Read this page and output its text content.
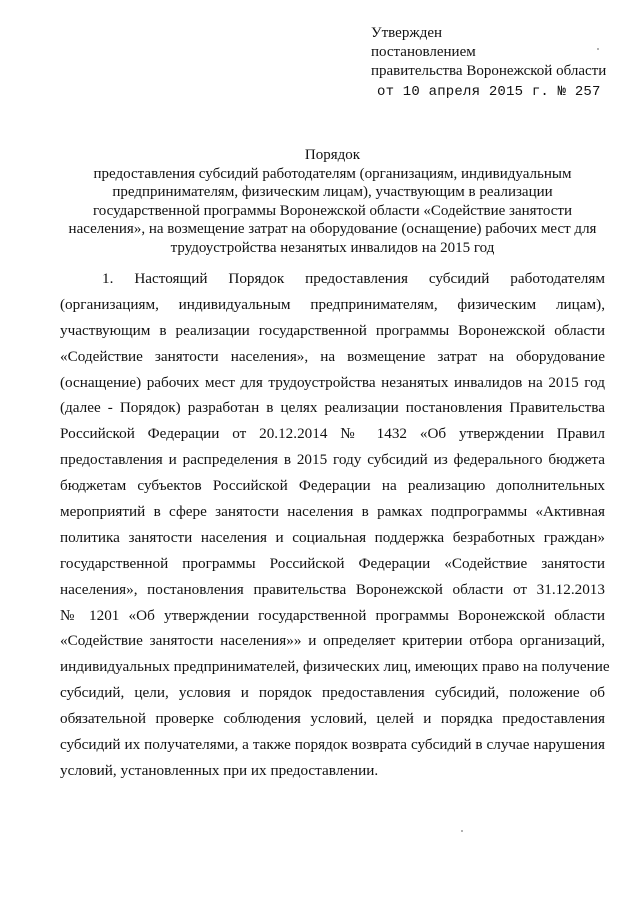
Утвержден
постановлением
правительства Воронежской области
от 10 апреля 2015 г. № 257
Порядок
предоставления субсидий работодателям (организациям, индивидуальным
предпринимателям, физическим лицам), участвующим в реализации
государственной программы Воронежской области «Содействие занятости
населения», на возмещение затрат на оборудование (оснащение) рабочих мест для
трудоустройства незанятых инвалидов на 2015 год
1. Настоящий Порядок предоставления субсидий работодателям
(организациям, индивидуальным предпринимателям, физическим лицам),
участвующим в реализации государственной программы Воронежской области
«Содействие занятости населения», на возмещение затрат на оборудование
(оснащение) рабочих мест для трудоустройства незанятых инвалидов на 2015 год
(далее - Порядок) разработан в целях реализации постановления Правительства
Российской Федерации от 20.12.2014 № 1432 «Об утверждении Правил
предоставления и распределения в 2015 году субсидий из федерального бюджета
бюджетам субъектов Российской Федерации на реализацию дополнительных
мероприятий в сфере занятости населения в рамках подпрограммы «Активная
политика занятости населения и социальная поддержка безработных граждан»
государственной программы Российской Федерации «Содействие занятости
населения», постановления правительства Воронежской области от 31.12.2013
№ 1201 «Об утверждении государственной программы Воронежской области
«Содействие занятости населения»» и определяет критерии отбора организаций,
индивидуальных предпринимателей, физических лиц, имеющих право на получение
субсидий, цели, условия и порядок предоставления субсидий, положение об
обязательной проверке соблюдения условий, целей и порядка предоставления
субсидий их получателями, а также порядок возврата субсидий в случае нарушения
условий, установленных при их предоставлении.
